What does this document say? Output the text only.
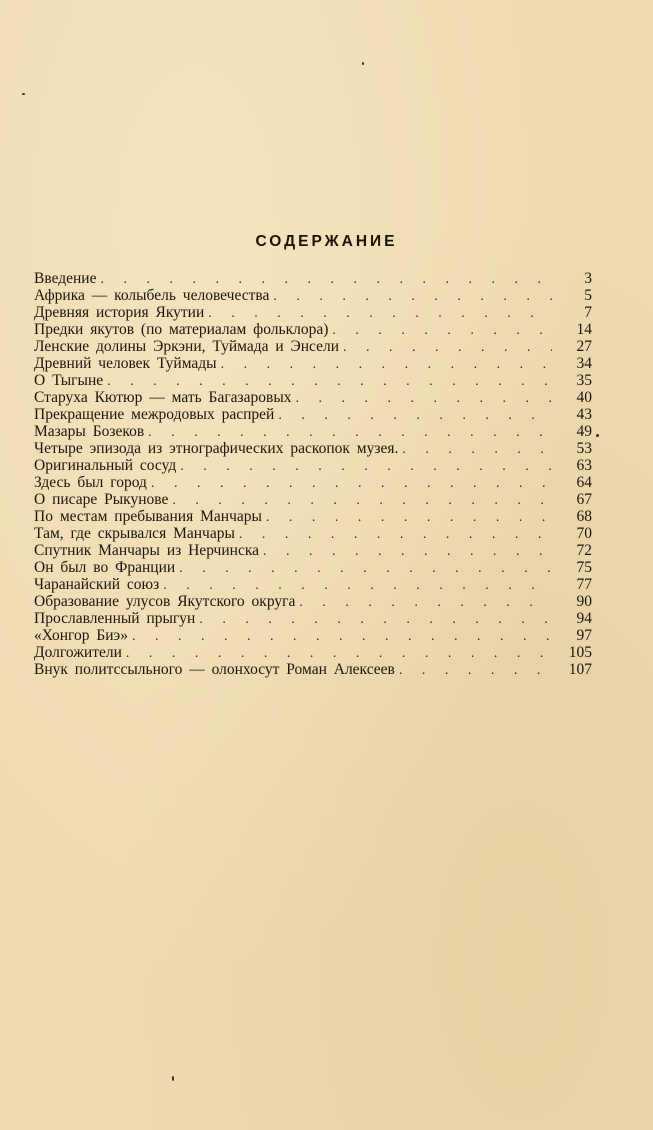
СОДЕРЖАНИЕ
Введение . . .	3
Африка — колыбель человечества . . .	5
Древняя история Якутии . . .	7
Предки якутов (по материалам фольклора) . . .	14
Ленские долины Эркэни, Туймада и Энсели . . .	27
Древний человек Туймады . . .	34
О Тыгыне . . .	35
Старуха Кютюр — мать Багазаровых . . .	40
Прекращение межродовых распрей . . .	43
Мазары Бозеков . . .	49
Четыре эпизода из этнографических раскопок музея. . . .	53
Оригинальный сосуд . . .	63
Здесь был город . . .	64
О писаре Рыкунове . . .	67
По местам пребывания Манчары . . .	68
Там, где скрывался Манчары . . .	70
Спутник Манчары из Нерчинска . . .	72
Он был во Франции . . .	75
Чаранайский союз . . .	77
Образование улусов Якутского округа . . .	90
Прославленный прыгун . . .	94
«Хонгор Биэ» . . .	97
Долгожители . . .	105
Внук политссыльного — олонхосут Роман Алексеев . . .	107
